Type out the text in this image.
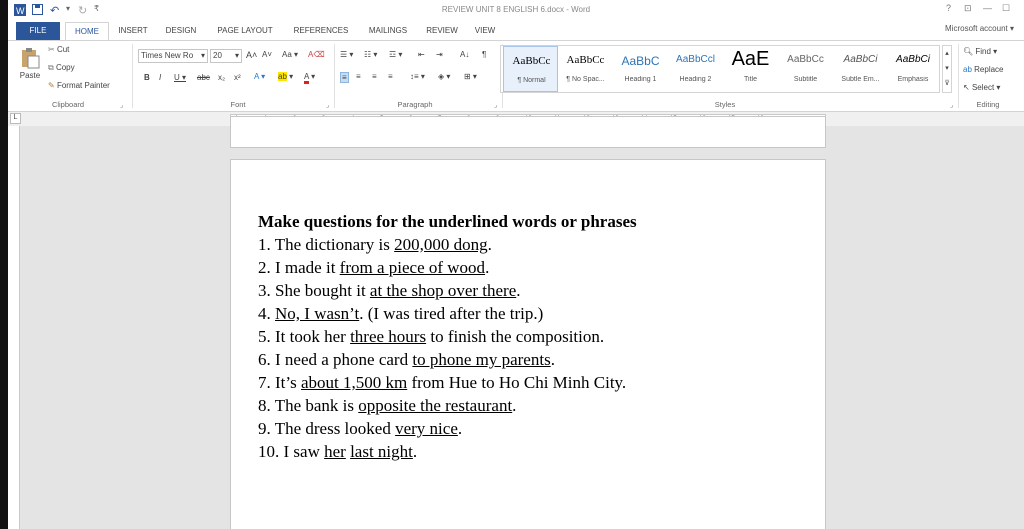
W ↶ ▾ ↻ ₹	REVIEW UNIT 8 ENGLISH 6.docx - Word	? ⊡ — ☐
FILE	HOME	INSERT	DESIGN	PAGE LAYOUT	REFERENCES	MAILINGS	REVIEW	VIEW	Microsoft account ▾
Paste
✂ Cut
⧉ Copy
✎ Format Painter
Clipboard	⌟
Times New Ro ▾	20 ▾ A˄ A˅ Aa ▾ A⌫
B I U ▾ abc x₂ x² A ▾ ab ▾ A ▾
Font	⌟
☰ ▾ ☷ ▾ ☲ ▾ ⇤ ⇥ A↓ ¶
≡ ≡ ≡ ≡ ↕≡ ▾ ◈ ▾ ⊞ ▾
Paragraph	⌟
AaBbCc
¶ Normal
AaBbCc
¶ No Spac...
AaBbC
Heading 1
AaBbCcl
Heading 2
AaE
Title
AaBbCc
Subtitle
AaBbCi
Subtle Em...
AaBbCi
Emphasis
▴
▾
⊽
Styles	⌟
🔍︎ Find ▾
ab Replace
↖ Select ▾
Editing
L
Make questions for the underlined words or phrases
1. The dictionary is 200,000 dong.
2. I made it from a piece of wood.
3. She bought it at the shop over there.
4. No, I wasn’t. (I was tired after the trip.)
5. It took her three hours to finish the composition.
6. I need a phone card to phone my parents.
7. It’s about 1,500 km from Hue to Ho Chi Minh City.
8. The bank is opposite the restaurant.
9. The dress looked very nice.
10. I saw her last night.
